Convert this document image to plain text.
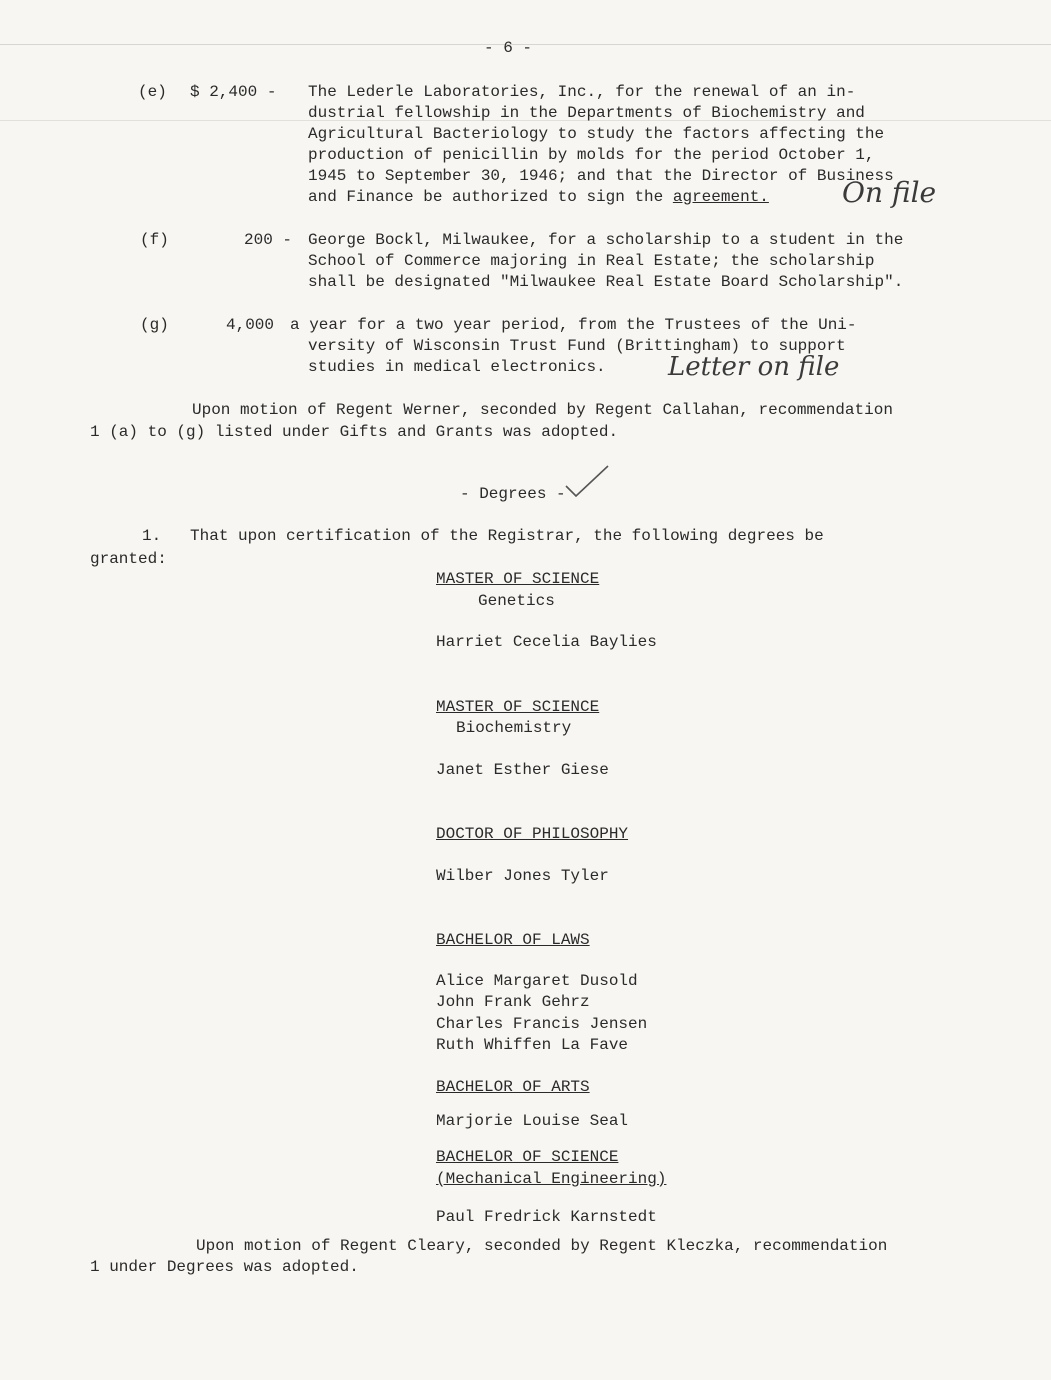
- 6 -
(e) $ 2,400 - The Lederle Laboratories, Inc., for the renewal of an in-
dustrial fellowship in the Departments of Biochemistry and
Agricultural Bacteriology to study the factors affecting the
production of penicillin by molds for the period October 1,
1945 to September 30, 1946; and that the Director of Business
and Finance be authorized to sign the agreement.	On file
(f)	200 - George Bockl, Milwaukee, for a scholarship to a student in the
School of Commerce majoring in Real Estate; the scholarship
shall be designated "Milwaukee Real Estate Board Scholarship".
(g)	4,000 a year for a two year period, from the Trustees of the Uni-
versity of Wisconsin Trust Fund (Brittingham) to support
studies in medical electronics. Letter on file
Upon motion of Regent Werner, seconded by Regent Callahan, recommendation
1 (a) to (g) listed under Gifts and Grants was adopted.
- Degrees -
1.   That upon certification of the Registrar, the following degrees be
granted:
MASTER OF SCIENCE
Genetics
Harriet Cecelia Baylies
MASTER OF SCIENCE
Biochemistry
Janet Esther Giese
DOCTOR OF PHILOSOPHY
Wilber Jones Tyler
BACHELOR OF LAWS
Alice Margaret Dusold
John Frank Gehrz
Charles Francis Jensen
Ruth Whiffen La Fave
BACHELOR OF ARTS
Marjorie Louise Seal
BACHELOR OF SCIENCE
(Mechanical Engineering)
Paul Fredrick Karnstedt
Upon motion of Regent Cleary, seconded by Regent Kleczka, recommendation
1 under Degrees was adopted.
